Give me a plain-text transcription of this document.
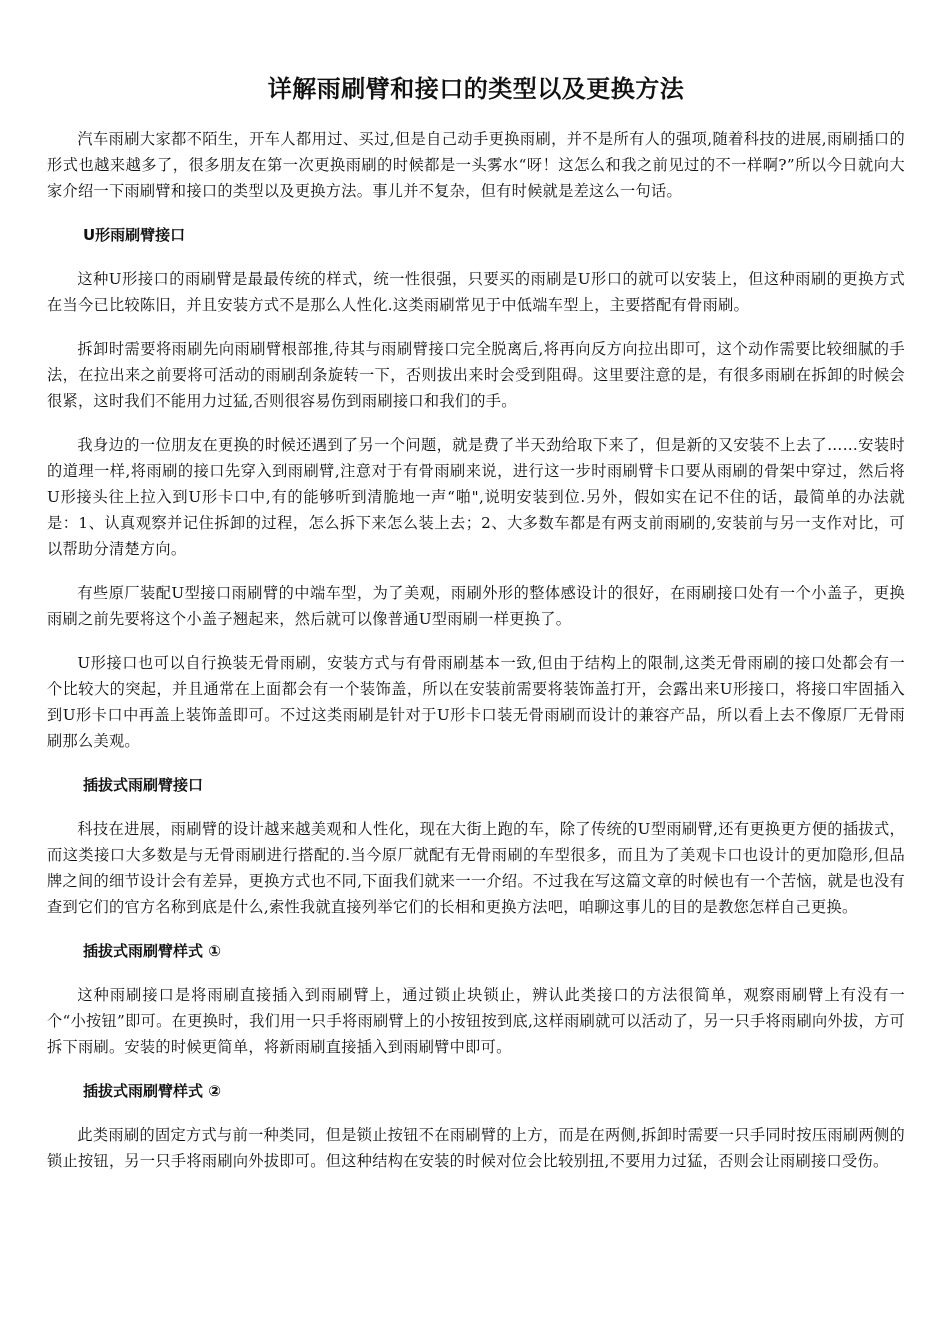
详解雨刷臂和接口的类型以及更换方法

汽车雨刷大家都不陌生，开车人都用过、买过,但是自己动手更换雨刷，并不是所有人的强项,随着科技的进展,雨刷插口的形式也越来越多了，很多朋友在第一次更换雨刷的时候都是一头雾水“呀！这怎么和我之前见过的不一样啊?”所以今日就向大家介绍一下雨刷臂和接口的类型以及更换方法。事儿并不复杂，但有时候就是差这么一句话。

U形雨刷臂接口

这种U形接口的雨刷臂是最最传统的样式，统一性很强，只要买的雨刷是U形口的就可以安装上，但这种雨刷的更换方式在当今已比较陈旧，并且安装方式不是那么人性化.这类雨刷常见于中低端车型上，主要搭配有骨雨刷。

拆卸时需要将雨刷先向雨刷臂根部推,待其与雨刷臂接口完全脱离后,将再向反方向拉出即可，这个动作需要比较细腻的手法，在拉出来之前要将可活动的雨刷刮条旋转一下，否则拔出来时会受到阻碍。这里要注意的是，有很多雨刷在拆卸的时候会很紧，这时我们不能用力过猛,否则很容易伤到雨刷接口和我们的手。

我身边的一位朋友在更换的时候还遇到了另一个问题，就是费了半天劲给取下来了，但是新的又安装不上去了……安装时的道理一样,将雨刷的接口先穿入到雨刷臂,注意对于有骨雨刷来说，进行这一步时雨刷臂卡口要从雨刷的骨架中穿过，然后将U形接头往上拉入到U形卡口中,有的能够听到清脆地一声“啪",说明安装到位.另外，假如实在记不住的话，最简单的办法就是：1、认真观察并记住拆卸的过程，怎么拆下来怎么装上去；2、大多数车都是有两支前雨刷的,安装前与另一支作对比，可以帮助分清楚方向。

有些原厂装配U型接口雨刷臂的中端车型，为了美观，雨刷外形的整体感设计的很好，在雨刷接口处有一个小盖子，更换雨刷之前先要将这个小盖子翘起来，然后就可以像普通U型雨刷一样更换了。

U形接口也可以自行换装无骨雨刷，安装方式与有骨雨刷基本一致,但由于结构上的限制,这类无骨雨刷的接口处都会有一个比较大的突起，并且通常在上面都会有一个装饰盖，所以在安装前需要将装饰盖打开，会露出来U形接口，将接口牢固插入到U形卡口中再盖上装饰盖即可。不过这类雨刷是针对于U形卡口装无骨雨刷而设计的兼容产品，所以看上去不像原厂无骨雨刷那么美观。

插拔式雨刷臂接口

科技在进展，雨刷臂的设计越来越美观和人性化，现在大街上跑的车，除了传统的U型雨刷臂,还有更换更方便的插拔式，而这类接口大多数是与无骨雨刷进行搭配的.当今原厂就配有无骨雨刷的车型很多，而且为了美观卡口也设计的更加隐形,但品牌之间的细节设计会有差异，更换方式也不同,下面我们就来一一介绍。不过我在写这篇文章的时候也有一个苦恼，就是也没有查到它们的官方名称到底是什么,索性我就直接列举它们的长相和更换方法吧，咱聊这事儿的目的是教您怎样自己更换。

插拔式雨刷臂样式 ①

这种雨刷接口是将雨刷直接插入到雨刷臂上，通过锁止块锁止，辨认此类接口的方法很简单，观察雨刷臂上有没有一个“小按钮”即可。在更换时，我们用一只手将雨刷臂上的小按钮按到底,这样雨刷就可以活动了，另一只手将雨刷向外拔，方可拆下雨刷。安装的时候更简单，将新雨刷直接插入到雨刷臂中即可。

插拔式雨刷臂样式 ②

此类雨刷的固定方式与前一种类同，但是锁止按钮不在雨刷臂的上方，而是在两侧,拆卸时需要一只手同时按压雨刷两侧的锁止按钮，另一只手将雨刷向外拔即可。但这种结构在安装的时候对位会比较别扭,不要用力过猛，否则会让雨刷接口受伤。
